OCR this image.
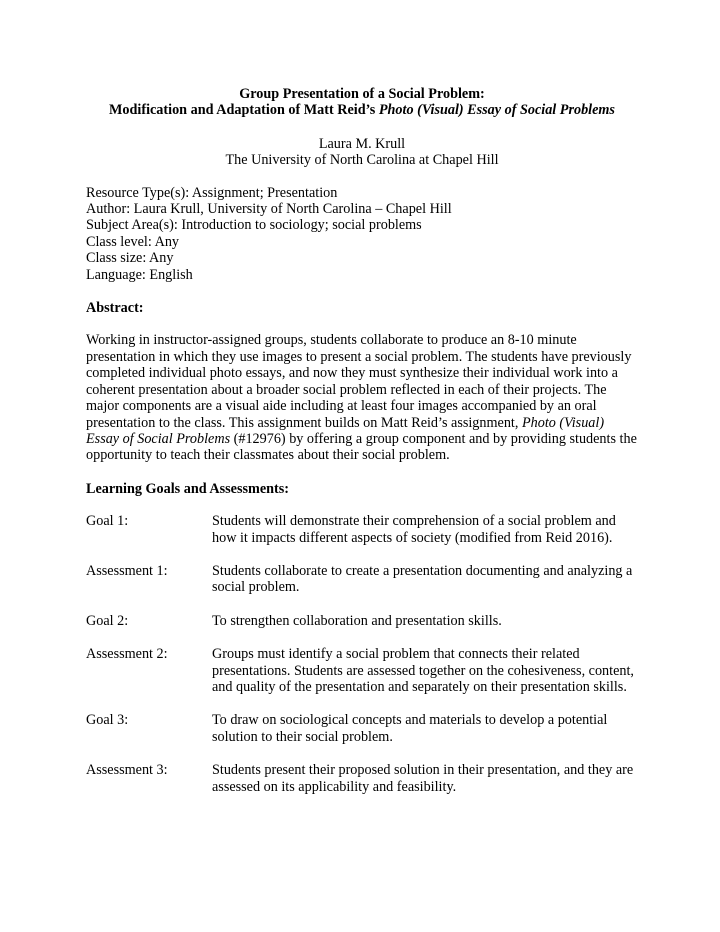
Group Presentation of a Social Problem:

Modification and Adaptation of Matt Reid’s Photo (Visual) Essay of Social Problems

Laura M. Krull

The University of North Carolina at Chapel Hill

Resource Type(s): Assignment; Presentation

Author: Laura Krull, University of North Carolina – Chapel Hill

Subject Area(s): Introduction to sociology; social problems

Class level: Any

Class size: Any

Language: English

Abstract:

Working in instructor-assigned groups, students collaborate to produce an 8-10 minute presentation in which they use images to present a social problem. The students have previously completed individual photo essays, and now they must synthesize their individual work into a coherent presentation about a broader social problem reflected in each of their projects. The major components are a visual aide including at least four images accompanied by an oral presentation to the class. This assignment builds on Matt Reid’s assignment, Photo (Visual) Essay of Social Problems (#12976) by offering a group component and by providing students the opportunity to teach their classmates about their social problem.

Learning Goals and Assessments:

Goal 1:	Students will demonstrate their comprehension of a social problem and how it impacts different aspects of society (modified from Reid 2016).
Assessment 1:	Students collaborate to create a presentation documenting and analyzing a social problem.
Goal 2:	To strengthen collaboration and presentation skills.
Assessment 2:	Groups must identify a social problem that connects their related presentations. Students are assessed together on the cohesiveness, content, and quality of the presentation and separately on their presentation skills.
Goal 3:	To draw on sociological concepts and materials to develop a potential solution to their social problem.
Assessment 3:	Students present their proposed solution in their presentation, and they are assessed on its applicability and feasibility.
